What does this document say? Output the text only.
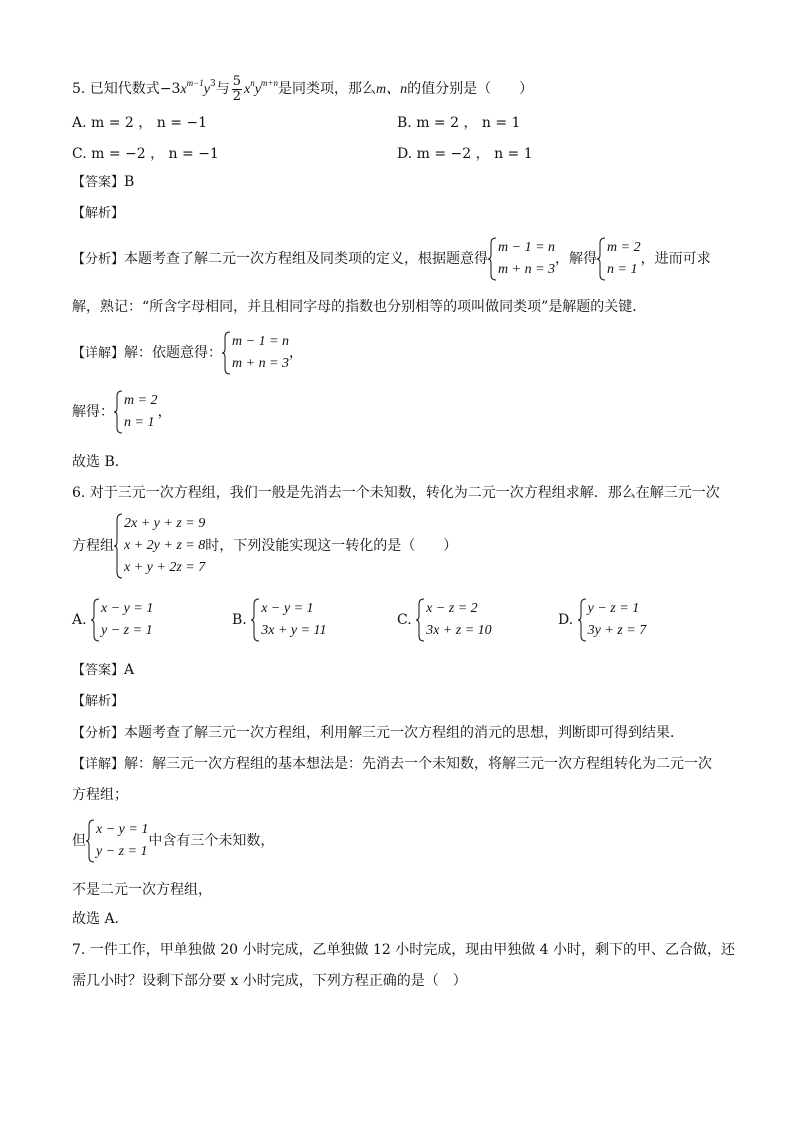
5. 已知代数式$-3x^{m-1}y^3$与 $\frac{5}{2} x^ny^{m+n}$是同类项，那么m、n的值分别是（　　）
A. m = 2 ， n = −1	B. m = 2 ， n = 1
C. m = −2 ， n = −1	D. m = −2 ， n = 1
【答案】B
【解析】
【分析】本题考查了解二元一次方程组及同类项的定义，根据题意得
m − 1 = n
m + n = 3
，解得
m = 2
n = 1
，进而可求
解，熟记：“所含字母相同，并且相同字母的指数也分别相等的项叫做同类项”是解题的关键．
【详解】解：依题意得：
m − 1 = n
m + n = 3
，
解得：
m = 2
n = 1
，
故选 B．
6. 对于三元一次方程组，我们一般是先消去一个未知数，转化为二元一次方程组求解．那么在解三元一次
方程组
2x + y + z = 9
x + 2y + z = 8
x + y + 2z = 7
时，下列没能实现这一转化的是（　　）
A.
x − y = 1
y − z = 1
B.
x − y = 1
3x + y = 11
C.
x − z = 2
3x + z = 10
D.
y − z = 1
3y + z = 7
【答案】A
【解析】
【分析】本题考查了解三元一次方程组，利用解三元一次方程组的消元的思想，判断即可得到结果．
【详解】解：解三元一次方程组的基本想法是：先消去一个未知数，将解三元一次方程组转化为二元一次
方程组；
但
x − y = 1
y − z = 1
中含有三个未知数，
不是二元一次方程组，
故选 A．
7. 一件工作，甲单独做 20 小时完成，乙单独做 12 小时完成，现由甲独做 4 小时，剩下的甲、乙合做，还
需几小时？设剩下部分要 x 小时完成，下列方程正确的是（　）
